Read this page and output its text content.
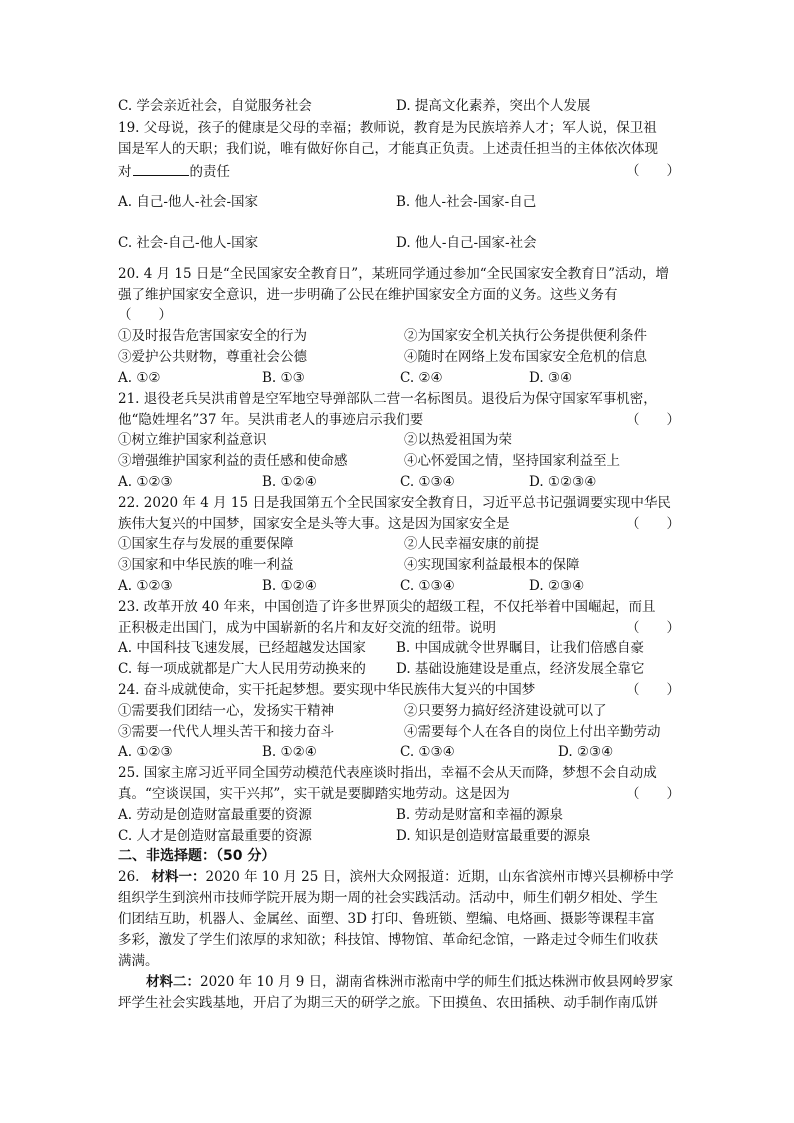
C. 学会亲近社会，自觉服务社会	D. 提高文化素养，突出个人发展
19. 父母说，孩子的健康是父母的幸福；教师说，教育是为民族培养人才；军人说，保卫祖
国是军人的天职；我们说，唯有做好你自己，才能真正负责。上述责任担当的主体依次体现
对	的责任	（　　）
A. 自己-他人-社会-国家	B. 他人-社会-国家-自己
C. 社会-自己-他人-国家	D. 他人-自己-国家-社会
20. 4 月 15 日是“全民国家安全教育日”，某班同学通过参加“全民国家安全教育日”活动，增
强了维护国家安全意识，进一步明确了公民在维护国家安全方面的义务。这些义务有
（　　）
①及时报告危害国家安全的行为	②为国家安全机关执行公务提供便利条件
③爱护公共财物，尊重社会公德	④随时在网络上发布国家安全危机的信息
A. ①②	B. ①③	C. ②④	D. ③④
21. 退役老兵吴洪甫曾是空军地空导弹部队二营一名标图员。退役后为保守国家军事机密，
他“隐姓埋名”37 年。吴洪甫老人的事迹启示我们要	（　　）
①树立维护国家利益意识	②以热爱祖国为荣
③增强维护国家利益的责任感和使命感	④心怀爱国之情，坚持国家利益至上
A. ①②③	B. ①②④	C. ①③④	D. ①②③④
22. 2020 年 4 月 15 日是我国第五个全民国家安全教育日，习近平总书记强调要实现中华民
族伟大复兴的中国梦，国家安全是头等大事。这是因为国家安全是	（　　）
①国家生存与发展的重要保障	②人民幸福安康的前提
③国家和中华民族的唯一利益	④实现国家利益最根本的保障
A. ①②③	B. ①②④	C. ①③④	D. ②③④
23. 改革开放 40 年来，中国创造了许多世界顶尖的超级工程，不仅托举着中国崛起，而且
正积极走出国门，成为中国崭新的名片和友好交流的纽带。说明	（　　）
A. 中国科技飞速发展，已经超越发达国家 B. 中国成就令世界瞩目，让我们倍感自豪
C. 每一项成就都是广大人民用劳动换来的 D. 基础设施建设是重点，经济发展全靠它
24. 奋斗成就使命，实干托起梦想。要实现中华民族伟大复兴的中国梦	（　　）
①需要我们团结一心，发扬实干精神	②只要努力搞好经济建设就可以了
③需要一代代人埋头苦干和接力奋斗	④需要每个人在各自的岗位上付出辛勤劳动
A. ①②③	B. ①②④	C. ①③④	D. ②③④
25. 国家主席习近平同全国劳动模范代表座谈时指出，幸福不会从天而降，梦想不会自动成
真。“空谈误国，实干兴邦”，实干就是要脚踏实地劳动。这是因为	（　　）
A. 劳动是创造财富最重要的资源	B. 劳动是财富和幸福的源泉
C. 人才是创造财富最重要的资源	D. 知识是创造财富最重要的源泉
二、非选择题：（50 分）
26. 材料一：2020 年 10 月 25 日，滨州大众网报道：近期，山东省滨州市博兴县柳桥中学
组织学生到滨州市技师学院开展为期一周的社会实践活动。活动中，师生们朝夕相处、学生
们团结互助，机器人、金属丝、面塑、3D 打印、鲁班锁、塑编、电烙画、摄影等课程丰富
多彩，激发了学生们浓厚的求知欲；科技馆、博物馆、革命纪念馆，一路走过令师生们收获
满满。
材料二：2020 年 10 月 9 日，湖南省株洲市淞南中学的师生们抵达株洲市攸县网岭罗家
坪学生社会实践基地，开启了为期三天的研学之旅。下田摸鱼、农田插秧、动手制作南瓜饼
